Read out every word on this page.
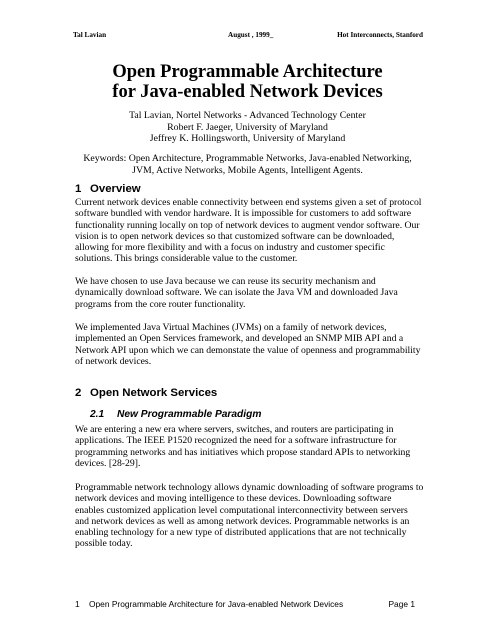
Tal Lavian	August , 1999_	Hot Interconnects, Stanford
Open Programmable Architecture
for Java-enabled Network Devices
Tal Lavian, Nortel Networks - Advanced Technology Center
Robert F. Jaeger, University of Maryland
Jeffrey K. Hollingsworth, University of Maryland
Keywords: Open Architecture, Programmable Networks, Java-enabled Networking,
JVM, Active Networks, Mobile Agents, Intelligent Agents.
1 Overview
Current network devices enable connectivity between end systems given a set of protocol
software bundled with vendor hardware. It is impossible for customers to add software
functionality running locally on top of network devices to augment vendor software. Our
vision is to open network devices so that customized software can be downloaded,
allowing for more flexibility and with a focus on industry and customer specific
solutions. This brings considerable value to the customer.
We have chosen to use Java because we can reuse its security mechanism and
dynamically download software. We can isolate the Java VM and downloaded Java
programs from the core router functionality.
We implemented Java Virtual Machines (JVMs) on a family of network devices,
implemented an Open Services framework, and developed an SNMP MIB API and a
Network API upon which we can demonstate the value of openness and programmability
of network devices.
2 Open Network Services
2.1 New Programmable Paradigm
We are entering a new era where servers, switches, and routers are participating in
applications. The IEEE P1520 recognized the need for a software infrastructure for
programming networks and has initiatives which propose standard APIs to networking
devices. [28-29].
Programmable network technology allows dynamic downloading of software programs to
network devices and moving intelligence to these devices. Downloading software
enables customized application level computational interconnectivity between servers
and network devices as well as among network devices. Programmable networks is an
enabling technology for a new type of distributed applications that are not technically
possible today.
1 Open Programmable Architecture for Java-enabled Network Devices	Page 1
